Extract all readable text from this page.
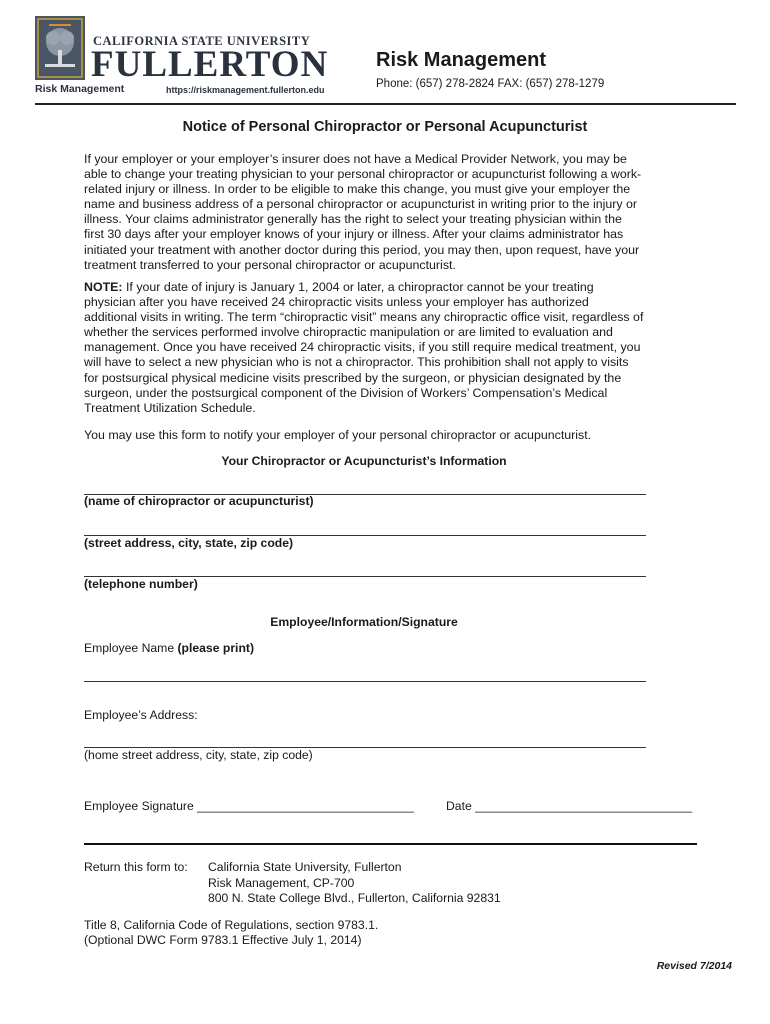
CALIFORNIA STATE UNIVERSITY
FULLERTON
Risk Management	https://riskmanagement.fullerton.edu
Risk Management
Phone: (657) 278-2824 FAX: (657) 278-1279
Notice of Personal Chiropractor or Personal Acupuncturist
If your employer or your employer’s insurer does not have a Medical Provider Network, you may be able to change your treating physician to your personal chiropractor or acupuncturist following a work-related injury or illness. In order to be eligible to make this change, you must give your employer the name and business address of a personal chiropractor or acupuncturist in writing prior to the injury or illness. Your claims administrator generally has the right to select your treating physician within the first 30 days after your employer knows of your injury or illness. After your claims administrator has initiated your treatment with another doctor during this period, you may then, upon request, have your treatment transferred to your personal chiropractor or acupuncturist.
NOTE: If your date of injury is January 1, 2004 or later, a chiropractor cannot be your treating physician after you have received 24 chiropractic visits unless your employer has authorized additional visits in writing. The term “chiropractic visit” means any chiropractic office visit, regardless of whether the services performed involve chiropractic manipulation or are limited to evaluation and management. Once you have received 24 chiropractic visits, if you still require medical treatment, you will have to select a new physician who is not a chiropractor. This prohibition shall not apply to visits for postsurgical physical medicine visits prescribed by the surgeon, or physician designated by the surgeon, under the postsurgical component of the Division of Workers’ Compensation’s Medical Treatment Utilization Schedule.
You may use this form to notify your employer of your personal chiropractor or acupuncturist.
Your Chiropractor or Acupuncturist’s Information
(name of chiropractor or acupuncturist)
(street address, city, state, zip code)
(telephone number)
Employee/Information/Signature
Employee Name (please print)
Employee’s Address:
(home street address, city, state, zip code)
Employee Signature ________________________________	Date ________________________________
Return this form to: California State University, Fullerton
Risk Management, CP-700
800 N. State College Blvd., Fullerton, California 92831
Title 8, California Code of Regulations, section 9783.1.
(Optional DWC Form 9783.1 Effective July 1, 2014)
Revised 7/2014
